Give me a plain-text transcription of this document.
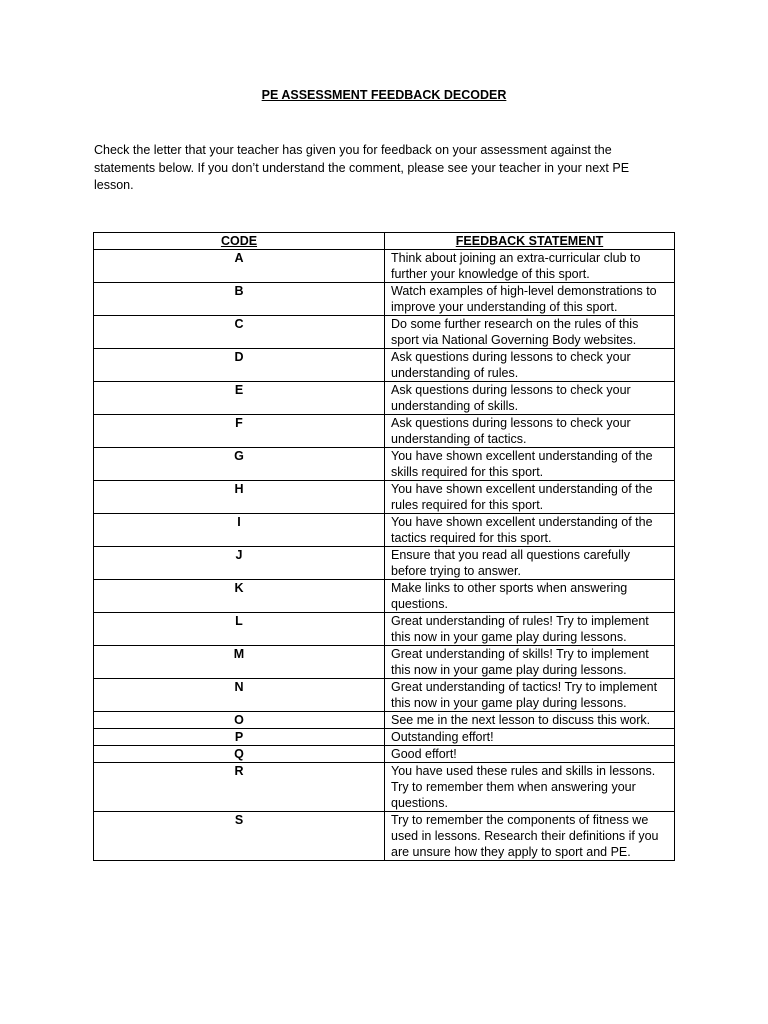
PE ASSESSMENT FEEDBACK DECODER
Check the letter that your teacher has given you for feedback on your assessment against the statements below. If you don’t understand the comment, please see your teacher in your next PE lesson.
CODE	FEEDBACK STATEMENT
A	Think about joining an extra-curricular club to further your knowledge of this sport.
B	Watch examples of high-level demonstrations to improve your understanding of this sport.
C	Do some further research on the rules of this sport via National Governing Body websites.
D	Ask questions during lessons to check your understanding of rules.
E	Ask questions during lessons to check your understanding of skills.
F	Ask questions during lessons to check your understanding of tactics.
G	You have shown excellent understanding of the skills required for this sport.
H	You have shown excellent understanding of the rules required for this sport.
I	You have shown excellent understanding of the tactics required for this sport.
J	Ensure that you read all questions carefully before trying to answer.
K	Make links to other sports when answering questions.
L	Great understanding of rules! Try to implement this now in your game play during lessons.
M	Great understanding of skills! Try to implement this now in your game play during lessons.
N	Great understanding of tactics! Try to implement this now in your game play during lessons.
O	See me in the next lesson to discuss this work.
P	Outstanding effort!
Q	Good effort!
R	You have used these rules and skills in lessons. Try to remember them when answering your questions.
S	Try to remember the components of fitness we used in lessons. Research their definitions if you are unsure how they apply to sport and PE.
